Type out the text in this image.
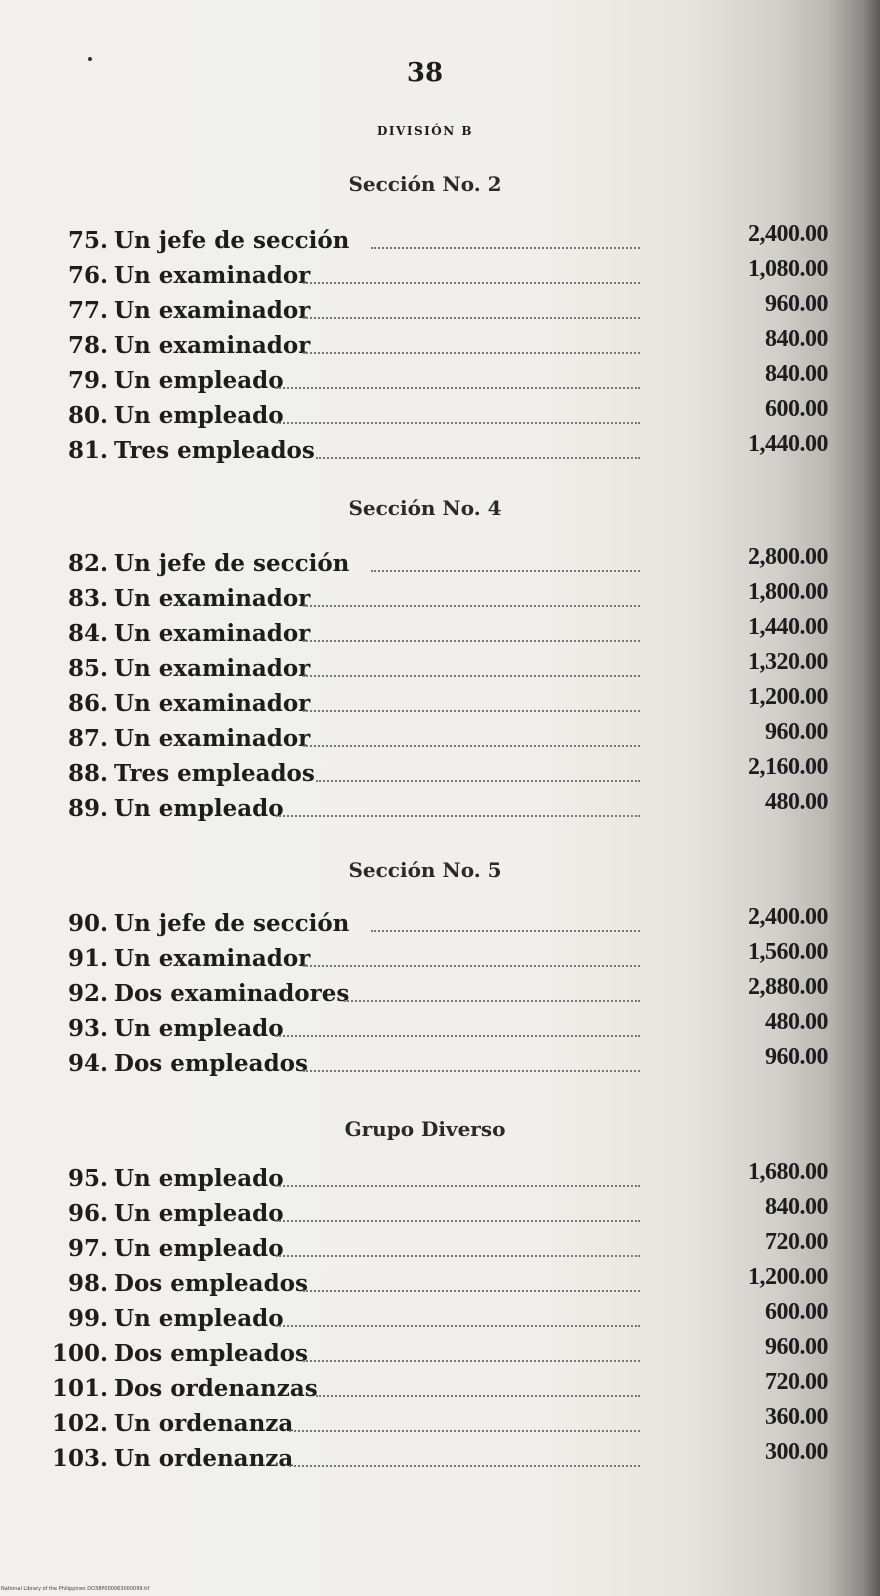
38
DIVISIÓN B
Sección No. 2
75. Un jefe de sección	2,400.00
76. Un examinador	1,080.00
77. Un examinador	960.00
78. Un examinador	840.00
79. Un empleado	840.00
80. Un empleado	600.00
81. Tres empleados	1,440.00
Sección No. 4
82. Un jefe de sección	2,800.00
83. Un examinador	1,800.00
84. Un examinador	1,440.00
85. Un examinador	1,320.00
86. Un examinador	1,200.00
87. Un examinador	960.00
88. Tres empleados	2,160.00
89. Un empleado	480.00
Sección No. 5
90. Un jefe de sección	2,400.00
91. Un examinador	1,560.00
92. Dos examinadores	2,880.00
93. Un empleado	480.00
94. Dos empleados	960.00
Grupo Diverso
95. Un empleado	1,680.00
96. Un empleado	840.00
97. Un empleado	720.00
98. Dos empleados	1,200.00
99. Un empleado	600.00
100. Dos empleados	960.00
101. Dos ordenanzas	720.00
102. Un ordenanza	360.00
103. Un ordenanza	300.00
National Library of the Philippines DO38P000063000099.tif
